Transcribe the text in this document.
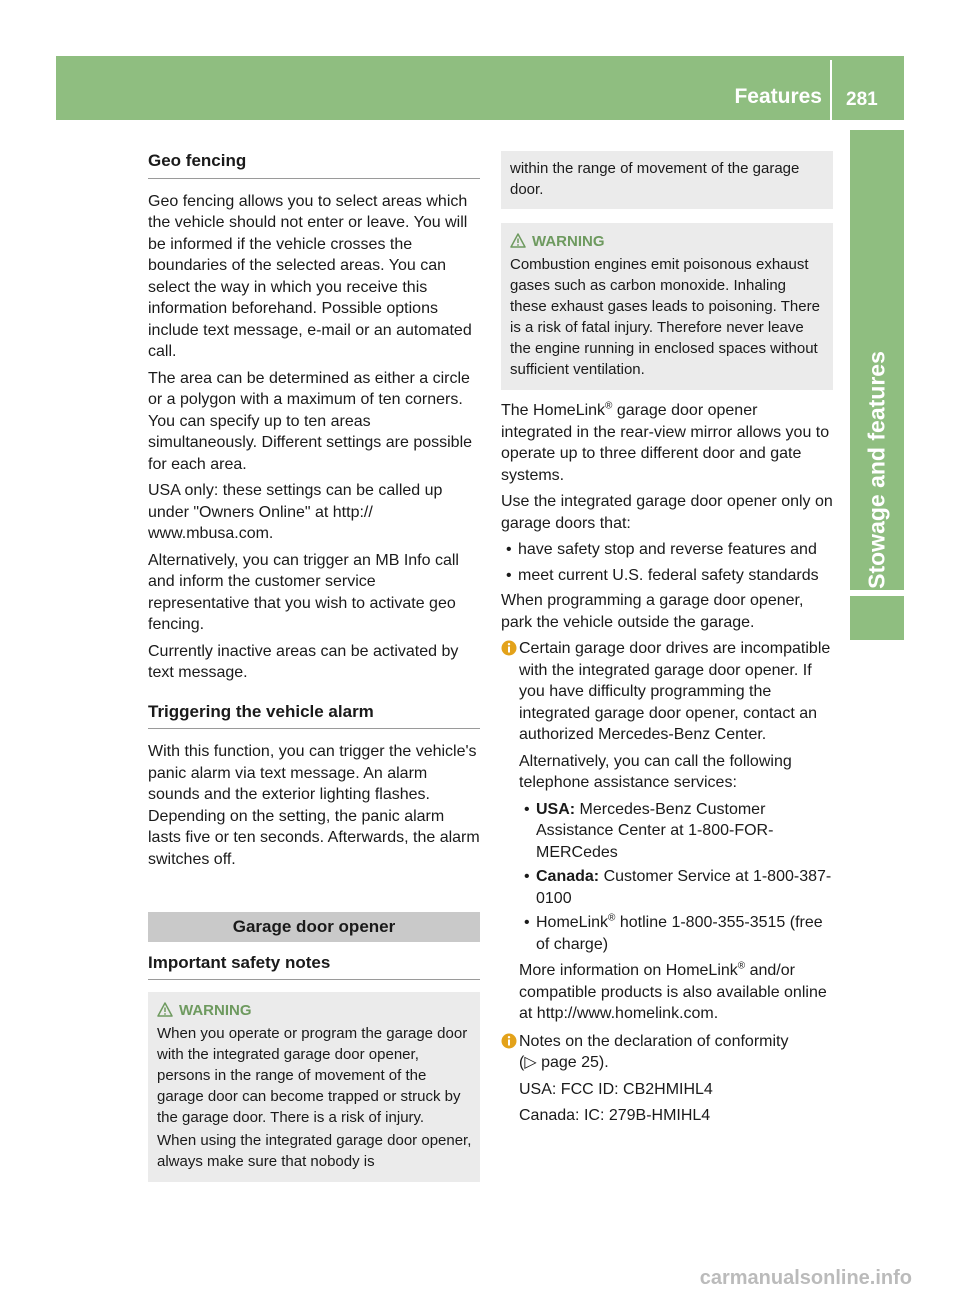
Features 281
Stowage and features
Geo fencing

Geo fencing allows you to select areas which the vehicle should not enter or leave. You will be informed if the vehicle crosses the boundaries of the selected areas. You can select the way in which you receive this information beforehand. Possible options include text message, e-mail or an automated call.

The area can be determined as either a circle or a polygon with a maximum of ten corners. You can specify up to ten areas simultaneously. Different settings are possible for each area.

USA only: these settings can be called up under "Owners Online" at http:// www.mbusa.com.

Alternatively, you can trigger an MB Info call and inform the customer service representative that you wish to activate geo fencing.

Currently inactive areas can be activated by text message.

Triggering the vehicle alarm

With this function, you can trigger the vehicle's panic alarm via text message. An alarm sounds and the exterior lighting flashes. Depending on the setting, the panic alarm lasts five or ten seconds. Afterwards, the alarm switches off.

Garage door opener
Important safety notes
WARNING

When you operate or program the garage door with the integrated garage door opener, persons in the range of movement of the garage door can become trapped or struck by the garage door. There is a risk of injury.

When using the integrated garage door opener, always make sure that nobody is

within the range of movement of the garage door.
WARNING

Combustion engines emit poisonous exhaust gases such as carbon monoxide. Inhaling these exhaust gases leads to poisoning. There is a risk of fatal injury. Therefore never leave the engine running in enclosed spaces without sufficient ventilation.

The HomeLink® garage door opener integrated in the rear-view mirror allows you to operate up to three different door and gate systems.

Use the integrated garage door opener only on garage doors that:

• have safety stop and reverse features and
• meet current U.S. federal safety standards

When programming a garage door opener, park the vehicle outside the garage.

Certain garage door drives are incompatible with the integrated garage door opener. If you have difficulty programming the integrated garage door opener, contact an authorized Mercedes-Benz Center.

Alternatively, you can call the following telephone assistance services:

• USA: Mercedes-Benz Customer Assistance Center at 1-800-FOR-MERCedes
• Canada: Customer Service at 1-800-387-0100
• HomeLink® hotline 1-800-355-3515 (free of charge)

More information on HomeLink® and/or compatible products is also available online at http://www.homelink.com.

Notes on the declaration of conformity
(▷ page 25).

USA: FCC ID: CB2HMIHL4

Canada: IC: 279B-HMIHL4

carmanualsonline.info
